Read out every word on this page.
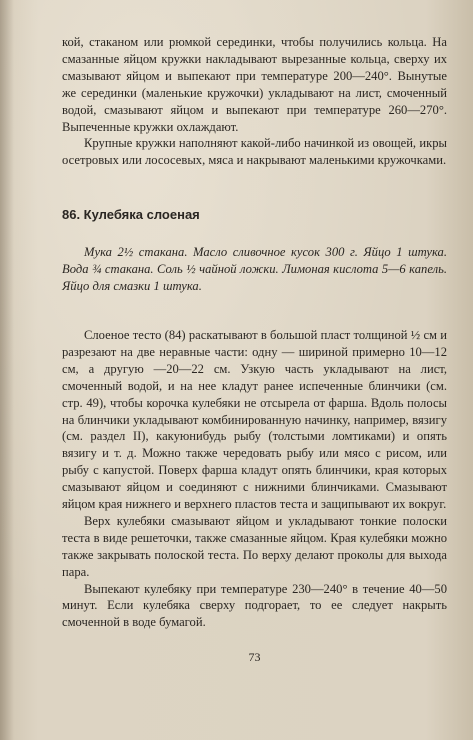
кой, стаканом или рюмкой серединки, чтобы получились кольца. На смазанные яйцом кружки накладывают вырезанные кольца, сверху их смазывают яйцом и выпекают при температуре 200—240°. Вынутые же серединки (маленькие кружочки) укладывают на лист, смоченный водой, смазывают яйцом и выпекают при температуре 260—270°. Выпеченные кружки охлаждают.

Крупные кружки наполняют какой-либо начинкой из овощей, икры осетровых или лососевых, мяса и накрывают маленькими кружочками.

86. Кулебяка слоеная
Мука 2½ стакана. Масло сливочное кусок 300 г. Яйцо 1 штука. Вода ¾ стакана. Соль ½ чайной ложки. Лимоная кислота 5—6 капель. Яйцо для смазки 1 штука.

Слоеное тесто (84) раскатывают в большой пласт толщиной ½ см и разрезают на две неравные части: одну — шириной примерно 10—12 см, а другую —20—22 см. Узкую часть укладывают на лист, смоченный водой, и на нее кладут ранее испеченные блинчики (см. стр. 49), чтобы корочка кулебяки не отсырела от фарша. Вдоль полосы на блинчики укладывают комбинированную начинку, например, вязигу (см. раздел II), какуюнибудь рыбу (толстыми ломтиками) и опять вязигу и т. д. Можно также чередовать рыбу или мясо с рисом, или рыбу с капустой. Поверх фарша кладут опять блинчики, края которых смазывают яйцом и соединяют с нижними блинчиками. Смазывают яйцом края нижнего и верхнего пластов теста и защипывают их вокруг.

Верх кулебяки смазывают яйцом и укладывают тонкие полоски теста в виде решеточки, также смазанные яйцом. Края кулебяки можно также закрывать полоской теста. По верху делают проколы для выхода пара.

Выпекают кулебяку при температуре 230—240° в течение 40—50 минут. Если кулебяка сверху подгорает, то ее следует накрыть смоченной в воде бумагой.

73
